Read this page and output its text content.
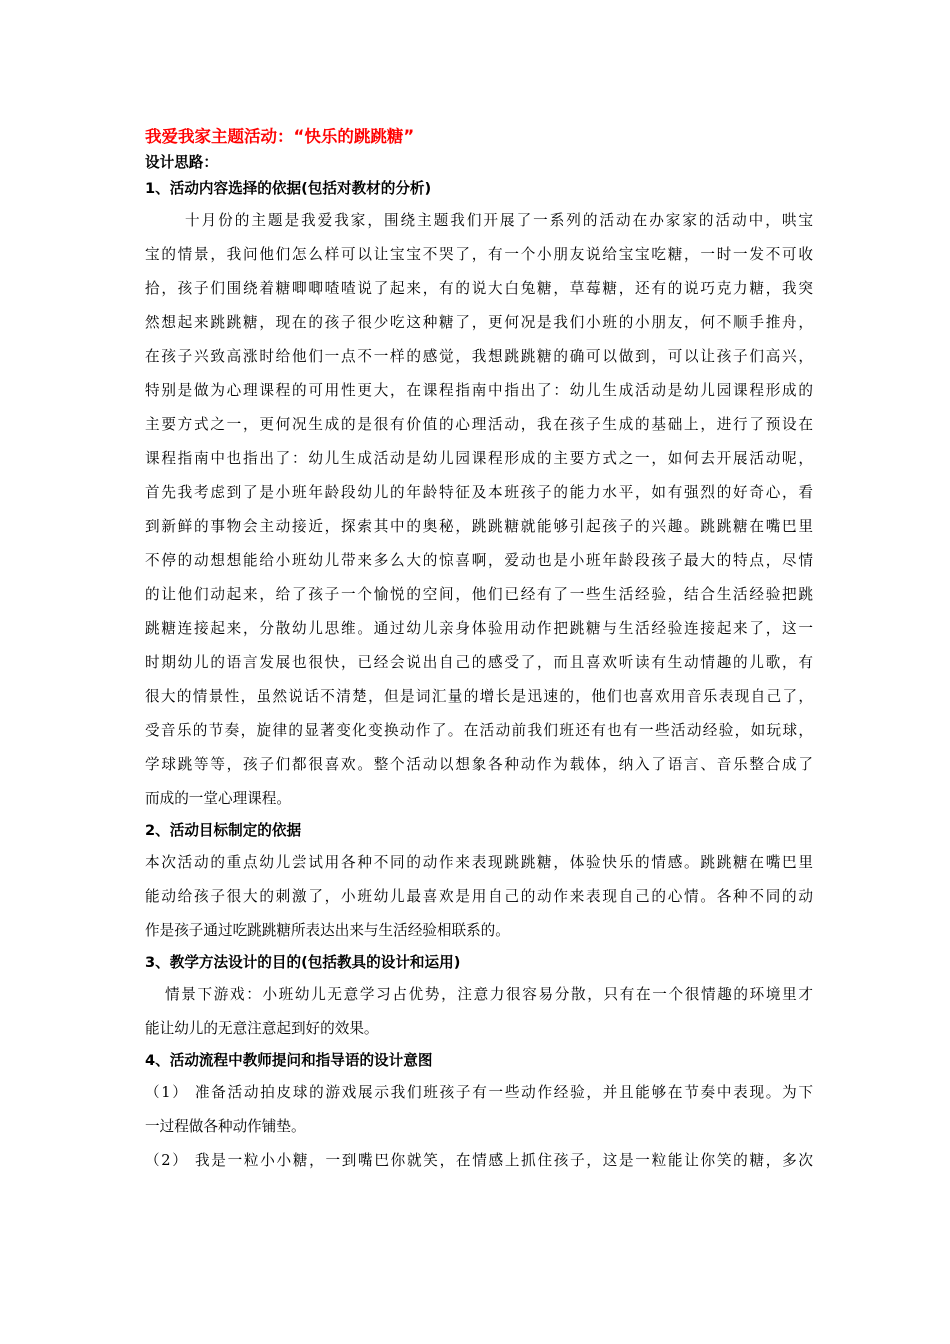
我爱我家主题活动：“快乐的跳跳糖”
设计思路：
1、活动内容选择的依据(包括对教材的分析)
十月份的主题是我爱我家，围绕主题我们开展了一系列的活动在办家家的活动中，哄宝
宝的情景，我问他们怎么样可以让宝宝不哭了，有一个小朋友说给宝宝吃糖，一时一发不可收
拾，孩子们围绕着糖唧唧喳喳说了起来，有的说大白兔糖，草莓糖，还有的说巧克力糖，我突
然想起来跳跳糖，现在的孩子很少吃这种糖了，更何况是我们小班的小朋友，何不顺手推舟，
在孩子兴致高涨时给他们一点不一样的感觉，我想跳跳糖的确可以做到，可以让孩子们高兴，
特别是做为心理课程的可用性更大，在课程指南中指出了：幼儿生成活动是幼儿园课程形成的
主要方式之一，更何况生成的是很有价值的心理活动，我在孩子生成的基础上，进行了预设在
课程指南中也指出了：幼儿生成活动是幼儿园课程形成的主要方式之一，如何去开展活动呢，
首先我考虑到了是小班年龄段幼儿的年龄特征及本班孩子的能力水平，如有强烈的好奇心，看
到新鲜的事物会主动接近，探索其中的奥秘，跳跳糖就能够引起孩子的兴趣。跳跳糖在嘴巴里
不停的动想想能给小班幼儿带来多么大的惊喜啊，爱动也是小班年龄段孩子最大的特点，尽情
的让他们动起来，给了孩子一个愉悦的空间，他们已经有了一些生活经验，结合生活经验把跳
跳糖连接起来，分散幼儿思维。通过幼儿亲身体验用动作把跳糖与生活经验连接起来了，这一
时期幼儿的语言发展也很快，已经会说出自己的感受了，而且喜欢听读有生动情趣的儿歌，有
很大的情景性，虽然说话不清楚，但是词汇量的增长是迅速的，他们也喜欢用音乐表现自己了，
受音乐的节奏，旋律的显著变化变换动作了。在活动前我们班还有也有一些活动经验，如玩球，
学球跳等等，孩子们都很喜欢。整个活动以想象各种动作为载体，纳入了语言、音乐整合成了
而成的一堂心理课程。
2、活动目标制定的依据
本次活动的重点幼儿尝试用各种不同的动作来表现跳跳糖，体验快乐的情感。跳跳糖在嘴巴里
能动给孩子很大的刺激了，小班幼儿最喜欢是用自己的动作来表现自己的心情。各种不同的动
作是孩子通过吃跳跳糖所表达出来与生活经验相联系的。
3、教学方法设计的目的(包括教具的设计和运用)
情景下游戏：小班幼儿无意学习占优势，注意力很容易分散，只有在一个很情趣的环境里才
能让幼儿的无意注意起到好的效果。
4、活动流程中教师提问和指导语的设计意图
（1） 准备活动拍皮球的游戏展示我们班孩子有一些动作经验，并且能够在节奏中表现。为下
一过程做各种动作铺垫。
（2） 我是一粒小小糖，一到嘴巴你就笑，在情感上抓住孩子，这是一粒能让你笑的糖，多次
